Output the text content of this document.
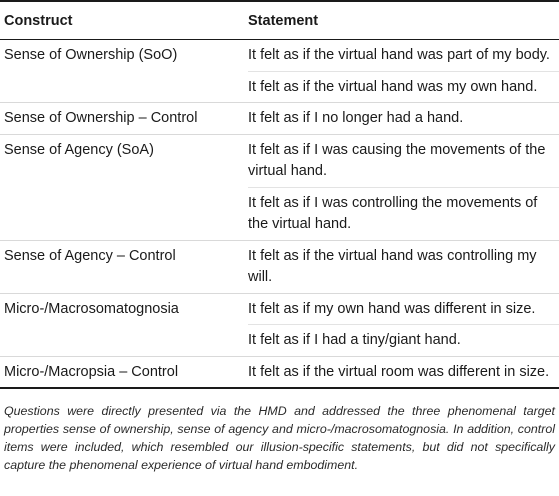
Construct	Statement
Sense of Ownership (SoO)	It felt as if the virtual hand was part of my body.
It felt as if the virtual hand was my own hand.
Sense of Ownership – Control	It felt as if I no longer had a hand.
Sense of Agency (SoA)	It felt as if I was causing the movements of the virtual hand.
It felt as if I was controlling the movements of the virtual hand.
Sense of Agency – Control	It felt as if the virtual hand was controlling my will.
Micro-/Macrosomatognosia	It felt as if my own hand was different in size.
It felt as if I had a tiny/giant hand.
Micro-/Macropsia – Control	It felt as if the virtual room was different in size.
Questions were directly presented via the HMD and addressed the three phenomenal target properties sense of ownership, sense of agency and micro-/macrosomatognosia. In addition, control items were included, which resembled our illusion-specific statements, but did not specifically capture the phenomenal experience of virtual hand embodiment.
